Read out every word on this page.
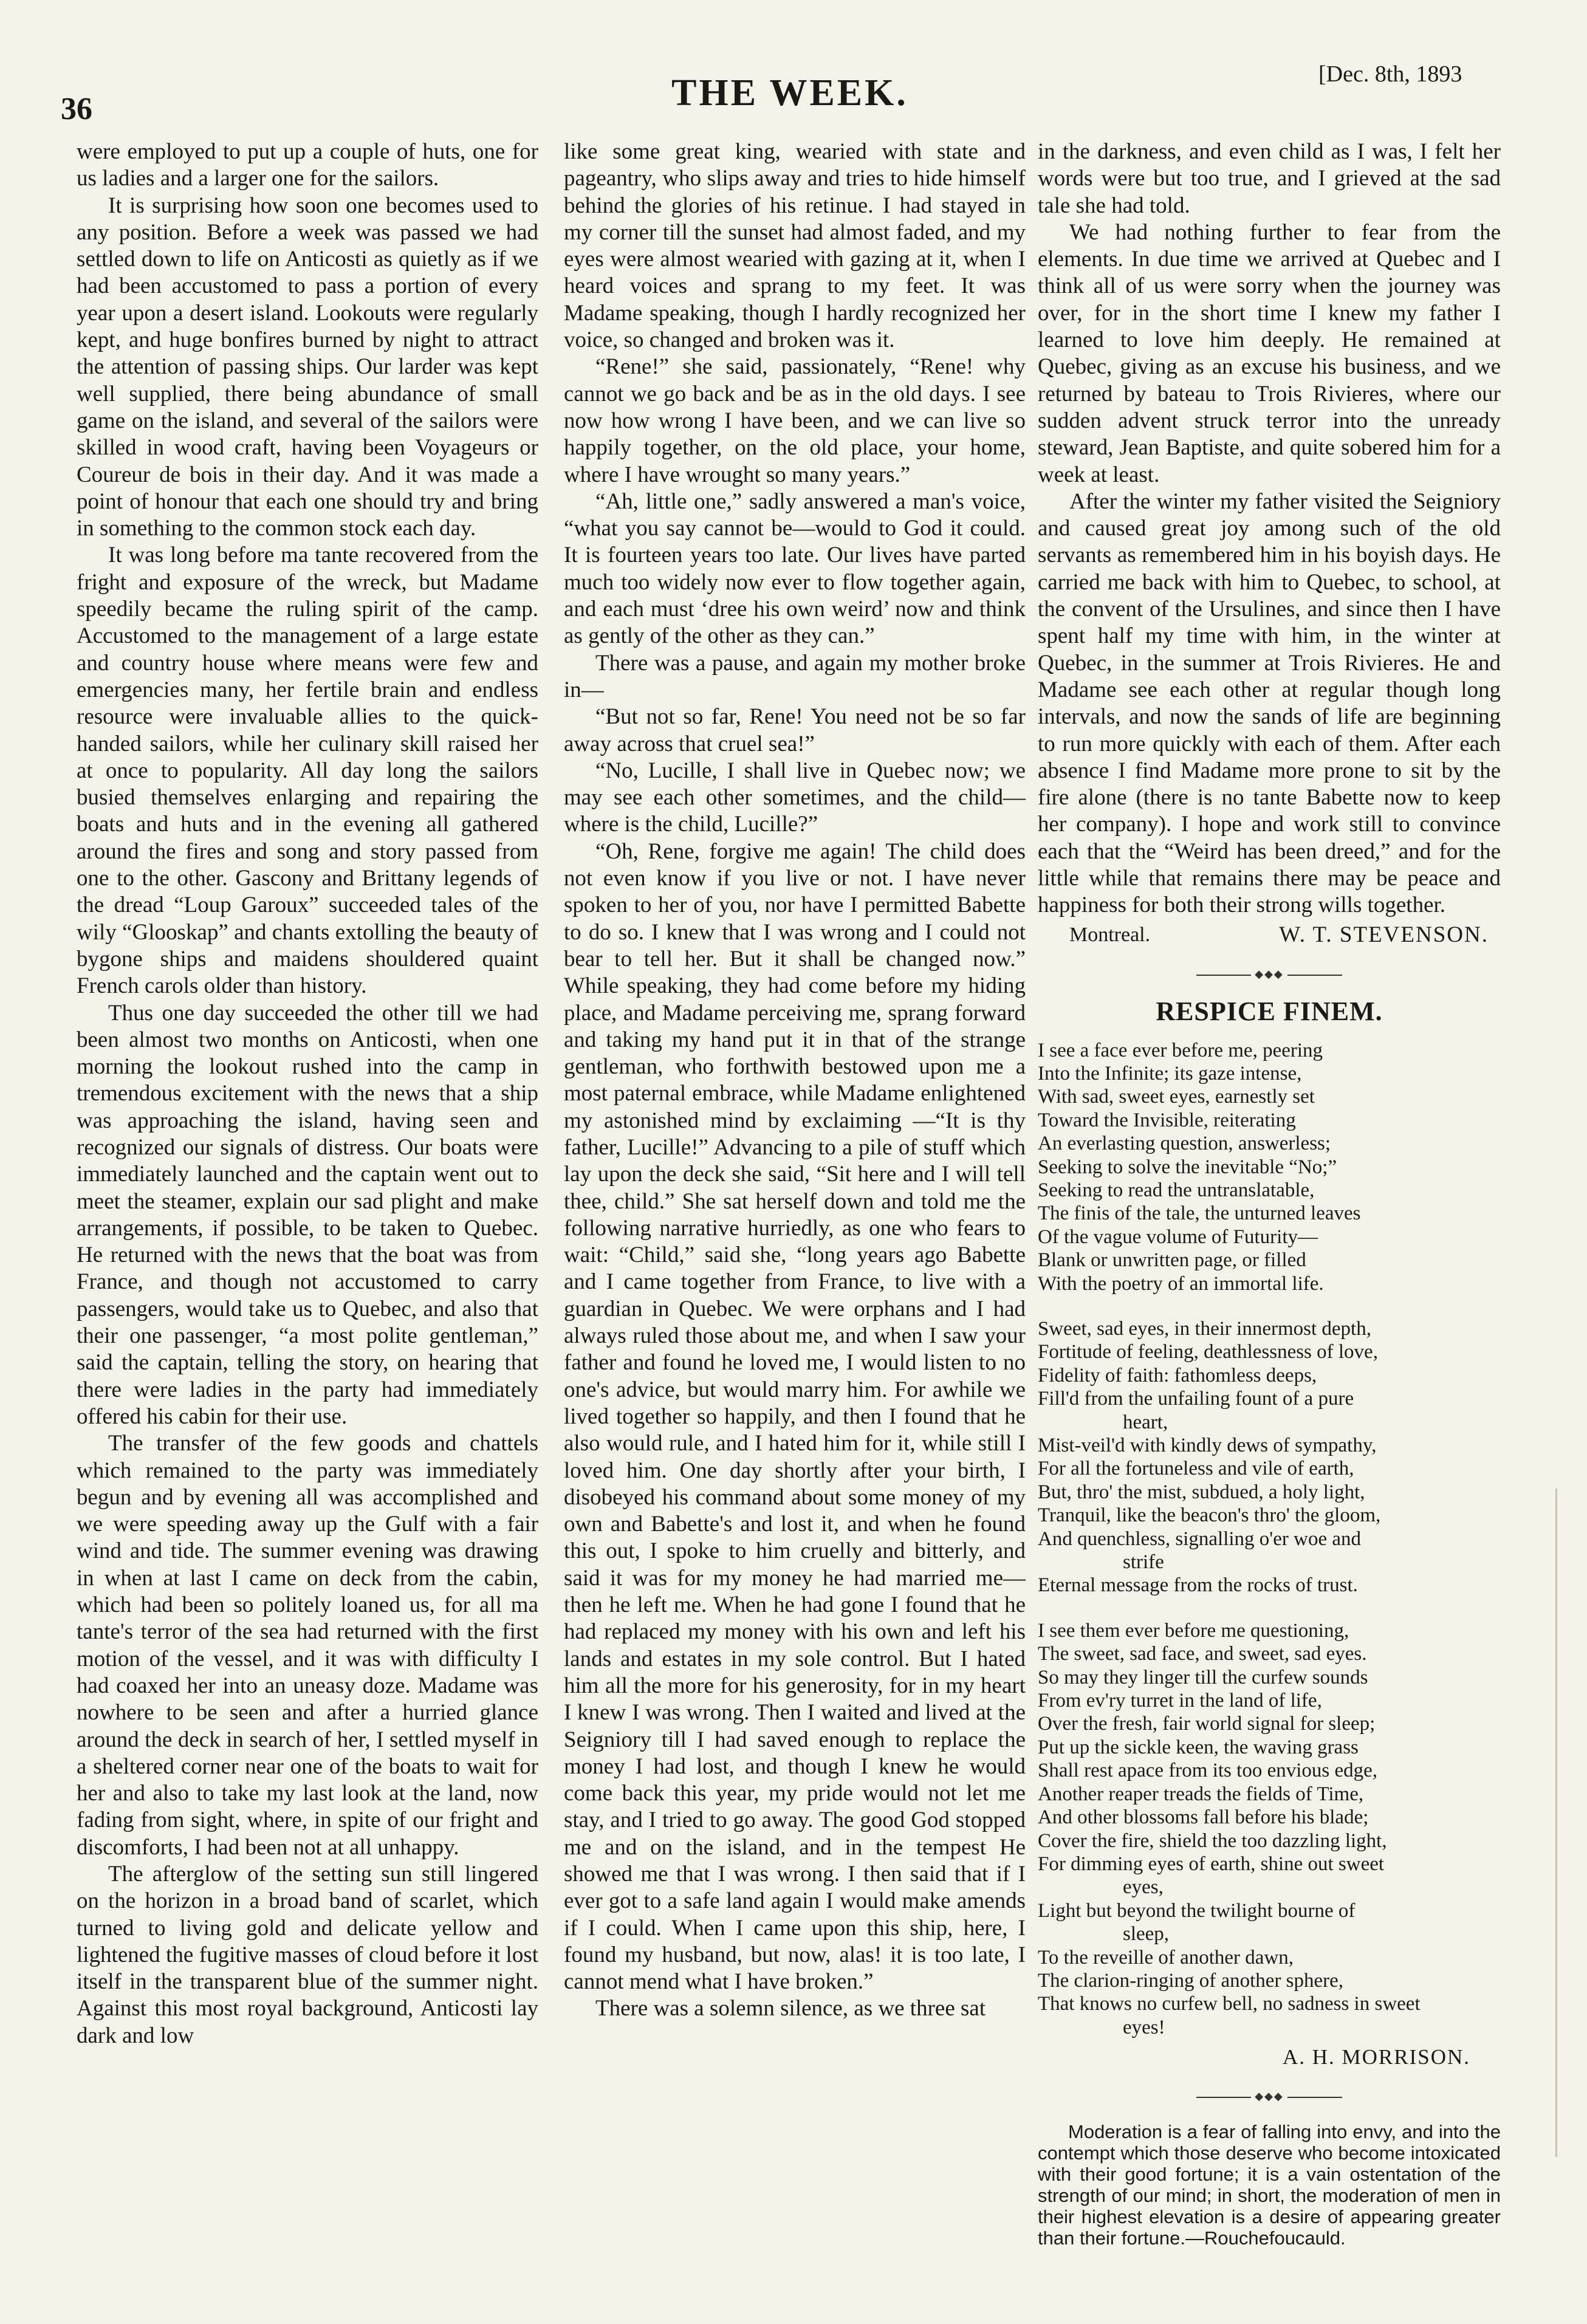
36	THE WEEK.	[Dec. 8th, 1893

were employed to put up a couple of huts, one for us ladies and a larger one for the sailors.

It is surprising how soon one becomes used to any position. Before a week was passed we had settled down to life on Anticosti as quietly as if we had been accustomed to pass a portion of every year upon a desert island. Lookouts were regularly kept, and huge bonfires burned by night to attract the attention of passing ships. Our larder was kept well supplied, there being abundance of small game on the island, and several of the sailors were skilled in wood craft, having been Voyageurs or Coureur de bois in their day. And it was made a point of honour that each one should try and bring in something to the common stock each day.

It was long before ma tante recovered from the fright and exposure of the wreck, but Madame speedily became the ruling spirit of the camp. Accustomed to the management of a large estate and country house where means were few and emergencies many, her fertile brain and endless resource were invaluable allies to the quick-handed sailors, while her culinary skill raised her at once to popularity. All day long the sailors busied themselves enlarging and repairing the boats and huts and in the evening all gathered around the fires and song and story passed from one to the other. Gascony and Brittany legends of the dread “Loup Garoux” succeeded tales of the wily “Glooskap” and chants extolling the beauty of bygone ships and maidens shouldered quaint French carols older than history.

Thus one day succeeded the other till we had been almost two months on Anticosti, when one morning the lookout rushed into the camp in tremendous excitement with the news that a ship was approaching the island, having seen and recognized our signals of distress. Our boats were immediately launched and the captain went out to meet the steamer, explain our sad plight and make arrangements, if possible, to be taken to Quebec. He returned with the news that the boat was from France, and though not accustomed to carry passengers, would take us to Quebec, and also that their one passenger, “a most polite gentleman,” said the captain, telling the story, on hearing that there were ladies in the party had immediately offered his cabin for their use.

The transfer of the few goods and chattels which remained to the party was immediately begun and by evening all was accomplished and we were speeding away up the Gulf with a fair wind and tide. The summer evening was drawing in when at last I came on deck from the cabin, which had been so politely loaned us, for all ma tante's terror of the sea had returned with the first motion of the vessel, and it was with difficulty I had coaxed her into an uneasy doze. Madame was nowhere to be seen and after a hurried glance around the deck in search of her, I settled myself in a sheltered corner near one of the boats to wait for her and also to take my last look at the land, now fading from sight, where, in spite of our fright and discomforts, I had been not at all unhappy.

The afterglow of the setting sun still lingered on the horizon in a broad band of scarlet, which turned to living gold and delicate yellow and lightened the fugitive masses of cloud before it lost itself in the transparent blue of the summer night. Against this most royal background, Anticosti lay dark and low

like some great king, wearied with state and pageantry, who slips away and tries to hide himself behind the glories of his retinue. I had stayed in my corner till the sunset had almost faded, and my eyes were almost wearied with gazing at it, when I heard voices and sprang to my feet. It was Madame speaking, though I hardly recognized her voice, so changed and broken was it.

“Rene!” she said, passionately, “Rene! why cannot we go back and be as in the old days. I see now how wrong I have been, and we can live so happily together, on the old place, your home, where I have wrought so many years.”

“Ah, little one,” sadly answered a man's voice, “what you say cannot be—would to God it could. It is fourteen years too late. Our lives have parted much too widely now ever to flow together again, and each must ‘dree his own weird’ now and think as gently of the other as they can.”

There was a pause, and again my mother broke in—

“But not so far, Rene! You need not be so far away across that cruel sea!”

“No, Lucille, I shall live in Quebec now; we may see each other sometimes, and the child—where is the child, Lucille?”

“Oh, Rene, forgive me again! The child does not even know if you live or not. I have never spoken to her of you, nor have I permitted Babette to do so. I knew that I was wrong and I could not bear to tell her. But it shall be changed now.” While speaking, they had come before my hiding place, and Madame perceiving me, sprang forward and taking my hand put it in that of the strange gentleman, who forthwith bestowed upon me a most paternal embrace, while Madame enlightened my astonished mind by exclaiming —“It is thy father, Lucille!” Advancing to a pile of stuff which lay upon the deck she said, “Sit here and I will tell thee, child.” She sat herself down and told me the following narrative hurriedly, as one who fears to wait: “Child,” said she, “long years ago Babette and I came together from France, to live with a guardian in Quebec. We were orphans and I had always ruled those about me, and when I saw your father and found he loved me, I would listen to no one's advice, but would marry him. For awhile we lived together so happily, and then I found that he also would rule, and I hated him for it, while still I loved him. One day shortly after your birth, I disobeyed his command about some money of my own and Babette's and lost it, and when he found this out, I spoke to him cruelly and bitterly, and said it was for my money he had married me—then he left me. When he had gone I found that he had replaced my money with his own and left his lands and estates in my sole control. But I hated him all the more for his generosity, for in my heart I knew I was wrong. Then I waited and lived at the Seigniory till I had saved enough to replace the money I had lost, and though I knew he would come back this year, my pride would not let me stay, and I tried to go away. The good God stopped me and on the island, and in the tempest He showed me that I was wrong. I then said that if I ever got to a safe land again I would make amends if I could. When I came upon this ship, here, I found my husband, but now, alas! it is too late, I cannot mend what I have broken.”

There was a solemn silence, as we three sat

in the darkness, and even child as I was, I felt her words were but too true, and I grieved at the sad tale she had told.

We had nothing further to fear from the elements. In due time we arrived at Quebec and I think all of us were sorry when the journey was over, for in the short time I knew my father I learned to love him deeply. He remained at Quebec, giving as an excuse his business, and we returned by bateau to Trois Rivieres, where our sudden advent struck terror into the unready steward, Jean Baptiste, and quite sobered him for a week at least.

After the winter my father visited the Seigniory and caused great joy among such of the old servants as remembered him in his boyish days. He carried me back with him to Quebec, to school, at the convent of the Ursulines, and since then I have spent half my time with him, in the winter at Quebec, in the summer at Trois Rivieres. He and Madame see each other at regular though long intervals, and now the sands of life are beginning to run more quickly with each of them. After each absence I find Madame more prone to sit by the fire alone (there is no tante Babette now to keep her company). I hope and work still to convince each that the “Weird has been dreed,” and for the little while that remains there may be peace and happiness for both their strong wills together.

Montreal.	W. T. STEVENSON.
◆◆◆
RESPICE FINEM.
I see a face ever before me, peering
Into the Infinite; its gaze intense,
With sad, sweet eyes, earnestly set
Toward the Invisible, reiterating
An everlasting question, answerless;
Seeking to solve the inevitable “No;”
Seeking to read the untranslatable,
The finis of the tale, the unturned leaves
Of the vague volume of Futurity—
Blank or unwritten page, or filled
With the poetry of an immortal life.
Sweet, sad eyes, in their innermost depth,
Fortitude of feeling, deathlessness of love,
Fidelity of faith: fathomless deeps,
Fill'd from the unfailing fount of a pure
heart,
Mist-veil'd with kindly dews of sympathy,
For all the fortuneless and vile of earth,
But, thro' the mist, subdued, a holy light,
Tranquil, like the beacon's thro' the gloom,
And quenchless, signalling o'er woe and
strife
Eternal message from the rocks of trust.
I see them ever before me questioning,
The sweet, sad face, and sweet, sad eyes.
So may they linger till the curfew sounds
From ev'ry turret in the land of life,
Over the fresh, fair world signal for sleep;
Put up the sickle keen, the waving grass
Shall rest apace from its too envious edge,
Another reaper treads the fields of Time,
And other blossoms fall before his blade;
Cover the fire, shield the too dazzling light,
For dimming eyes of earth, shine out sweet
eyes,
Light but beyond the twilight bourne of
sleep,
To the reveille of another dawn,
The clarion-ringing of another sphere,
That knows no curfew bell, no sadness in sweet
eyes!
A. H. MORRISON.
◆◆◆

Moderation is a fear of falling into envy, and into the contempt which those deserve who become intoxicated with their good fortune; it is a vain ostentation of the strength of our mind; in short, the moderation of men in their highest elevation is a desire of appearing greater than their fortune.—Rouchefoucauld.
